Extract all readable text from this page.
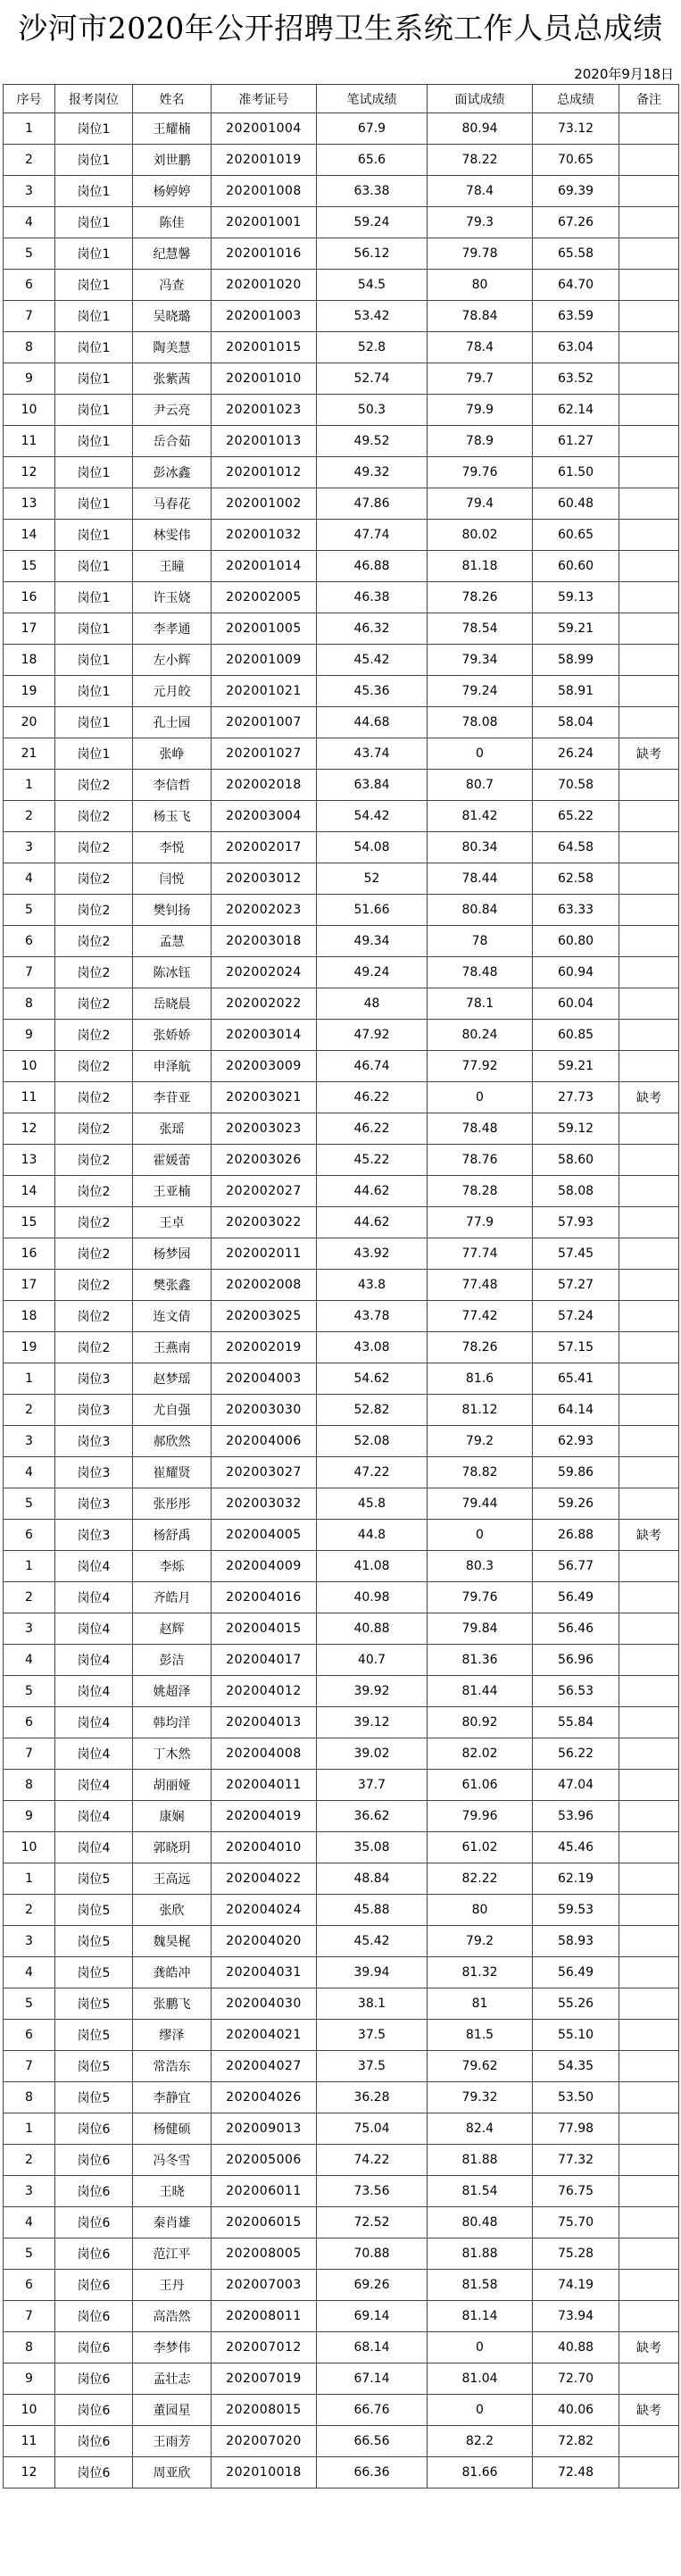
沙河市2020年公开招聘卫生系统工作人员总成绩
2020年9月18日
序号	报考岗位	姓名	准考证号	笔试成绩	面试成绩	总成绩	备注
1	岗位1	王耀楠	202001004	67.9	80.94	73.12	
2	岗位1	刘世鹏	202001019	65.6	78.22	70.65	
3	岗位1	杨婷婷	202001008	63.38	78.4	69.39	
4	岗位1	陈佳	202001001	59.24	79.3	67.26	
5	岗位1	纪慧馨	202001016	56.12	79.78	65.58	
6	岗位1	冯查	202001020	54.5	80	64.70	
7	岗位1	吴晓璐	202001003	53.42	78.84	63.59	
8	岗位1	陶美慧	202001015	52.8	78.4	63.04	
9	岗位1	张紫茜	202001010	52.74	79.7	63.52	
10	岗位1	尹云亮	202001023	50.3	79.9	62.14	
11	岗位1	岳合茹	202001013	49.52	78.9	61.27	
12	岗位1	彭冰鑫	202001012	49.32	79.76	61.50	
13	岗位1	马春花	202001002	47.86	79.4	60.48	
14	岗位1	林雯伟	202001032	47.74	80.02	60.65	
15	岗位1	王瞳	202001014	46.88	81.18	60.60	
16	岗位1	许玉娆	202002005	46.38	78.26	59.13	
17	岗位1	李孝通	202001005	46.32	78.54	59.21	
18	岗位1	左小辉	202001009	45.42	79.34	58.99	
19	岗位1	元月皎	202001021	45.36	79.24	58.91	
20	岗位1	孔士园	202001007	44.68	78.08	58.04	
21	岗位1	张峥	202001027	43.74	0	26.24	缺考
1	岗位2	李信哲	202002018	63.84	80.7	70.58	
2	岗位2	杨玉飞	202003004	54.42	81.42	65.22	
3	岗位2	李悦	202002017	54.08	80.34	64.58	
4	岗位2	闫悦	202003012	52	78.44	62.58	
5	岗位2	樊钊扬	202002023	51.66	80.84	63.33	
6	岗位2	孟慧	202003018	49.34	78	60.80	
7	岗位2	陈冰钰	202002024	49.24	78.48	60.94	
8	岗位2	岳晓晨	202002022	48	78.1	60.04	
9	岗位2	张娇娇	202003014	47.92	80.24	60.85	
10	岗位2	申泽航	202003009	46.74	77.92	59.21	
11	岗位2	李苷亚	202003021	46.22	0	27.73	缺考
12	岗位2	张瑶	202003023	46.22	78.48	59.12	
13	岗位2	霍媛蕾	202003026	45.22	78.76	58.60	
14	岗位2	王亚楠	202002027	44.62	78.28	58.08	
15	岗位2	王卓	202003022	44.62	77.9	57.93	
16	岗位2	杨梦园	202002011	43.92	77.74	57.45	
17	岗位2	樊张鑫	202002008	43.8	77.48	57.27	
18	岗位2	连文倩	202003025	43.78	77.42	57.24	
19	岗位2	王燕南	202002019	43.08	78.26	57.15	
1	岗位3	赵梦瑶	202004003	54.62	81.6	65.41	
2	岗位3	尤自强	202003030	52.82	81.12	64.14	
3	岗位3	郝欣然	202004006	52.08	79.2	62.93	
4	岗位3	崔耀贤	202003027	47.22	78.82	59.86	
5	岗位3	张彤彤	202003032	45.8	79.44	59.26	
6	岗位3	杨舒禹	202004005	44.8	0	26.88	缺考
1	岗位4	李烁	202004009	41.08	80.3	56.77	
2	岗位4	齐皓月	202004016	40.98	79.76	56.49	
3	岗位4	赵辉	202004015	40.88	79.84	56.46	
4	岗位4	彭洁	202004017	40.7	81.36	56.96	
5	岗位4	姚超泽	202004012	39.92	81.44	56.53	
6	岗位4	韩均洋	202004013	39.12	80.92	55.84	
7	岗位4	丁木然	202004008	39.02	82.02	56.22	
8	岗位4	胡丽娅	202004011	37.7	61.06	47.04	
9	岗位4	康娴	202004019	36.62	79.96	53.96	
10	岗位4	郭晓玥	202004010	35.08	61.02	45.46	
1	岗位5	王高远	202004022	48.84	82.22	62.19	
2	岗位5	张欣	202004024	45.88	80	59.53	
3	岗位5	魏昊梶	202004020	45.42	79.2	58.93	
4	岗位5	龚皓冲	202004031	39.94	81.32	56.49	
5	岗位5	张鹏飞	202004030	38.1	81	55.26	
6	岗位5	缪泽	202004021	37.5	81.5	55.10	
7	岗位5	常浩东	202004027	37.5	79.62	54.35	
8	岗位5	李静宜	202004026	36.28	79.32	53.50	
1	岗位6	杨健硕	202009013	75.04	82.4	77.98	
2	岗位6	冯冬雪	202005006	74.22	81.88	77.32	
3	岗位6	王晓	202006011	73.56	81.54	76.75	
4	岗位6	秦肖雄	202006015	72.52	80.48	75.70	
5	岗位6	范江平	202008005	70.88	81.88	75.28	
6	岗位6	王丹	202007003	69.26	81.58	74.19	
7	岗位6	高浩然	202008011	69.14	81.14	73.94	
8	岗位6	李梦伟	202007012	68.14	0	40.88	缺考
9	岗位6	孟壮志	202007019	67.14	81.04	72.70	
10	岗位6	董园星	202008015	66.76	0	40.06	缺考
11	岗位6	王雨芳	202007020	66.56	82.2	72.82	
12	岗位6	周亚欣	202010018	66.36	81.66	72.48	
